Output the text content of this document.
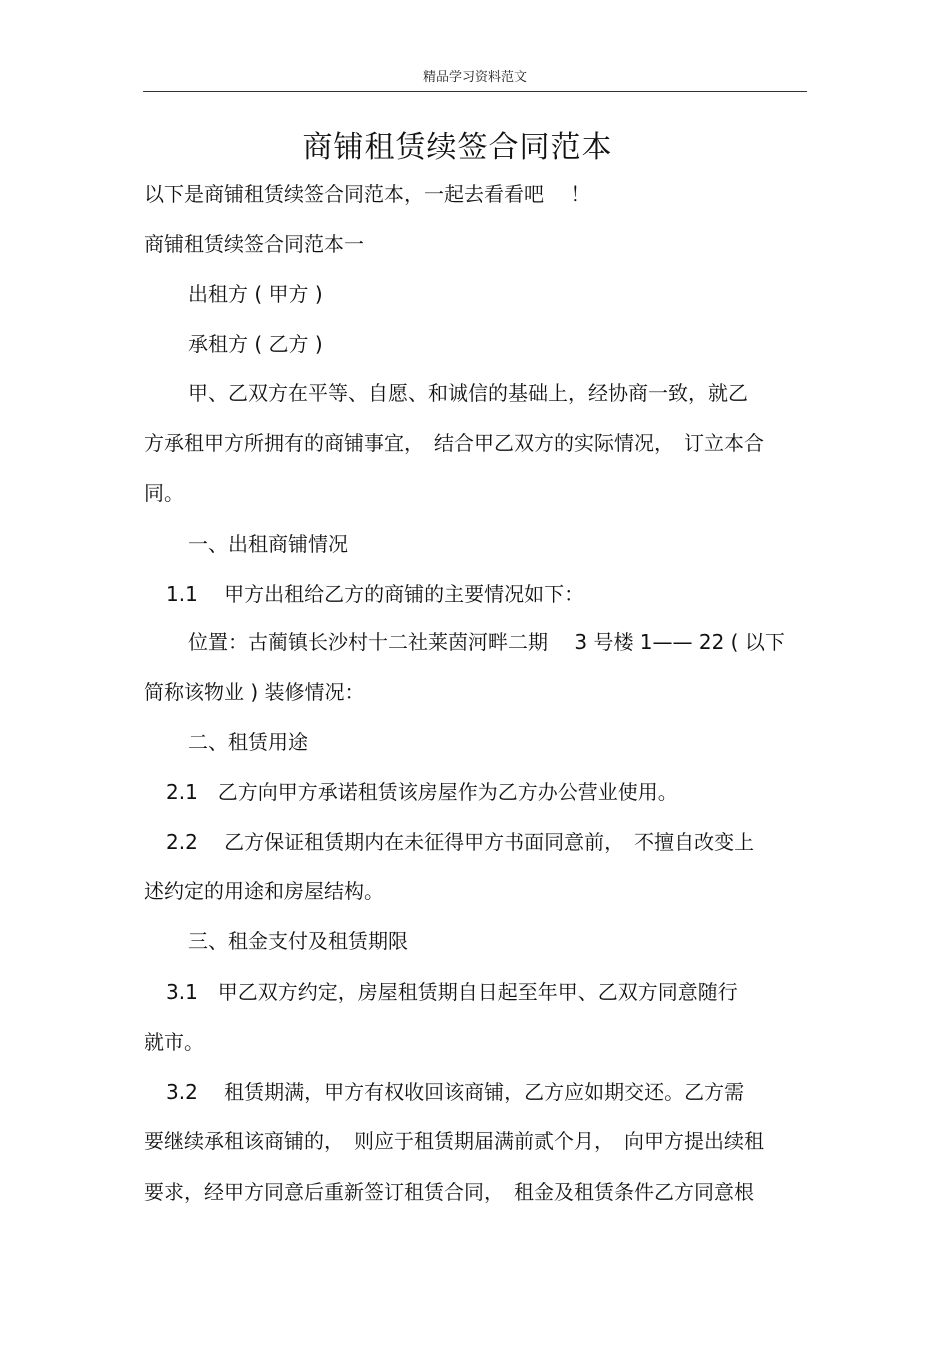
精品学习资料范文
商铺租赁续签合同范本
以下是商铺租赁续签合同范本，一起去看看吧　 ！
商铺租赁续签合同范本一
出租方 ( 甲方 )
承租方 ( 乙方 )
甲、乙双方在平等、自愿、和诚信的基础上，经协商一致，就乙
方承租甲方所拥有的商铺事宜，　结合甲乙双方的实际情况，　订立本合
同。
一、出租商铺情况
1.1　 甲方出租给乙方的商铺的主要情况如下：
位置：古蔺镇长沙村十二社莱茵河畔二期　 3 号楼 1—— 22 ( 以下
简称该物业 ) 装修情况：
二、租赁用途
2.1　乙方向甲方承诺租赁该房屋作为乙方办公营业使用。
2.2　 乙方保证租赁期内在未征得甲方书面同意前，　不擅自改变上
述约定的用途和房屋结构。
三、租金支付及租赁期限
3.1　甲乙双方约定，房屋租赁期自日起至年甲、乙双方同意随行
就市。
3.2　 租赁期满，甲方有权收回该商铺，乙方应如期交还。乙方需
要继续承租该商铺的，　则应于租赁期届满前贰个月，　向甲方提出续租
要求，经甲方同意后重新签订租赁合同，　租金及租赁条件乙方同意根
